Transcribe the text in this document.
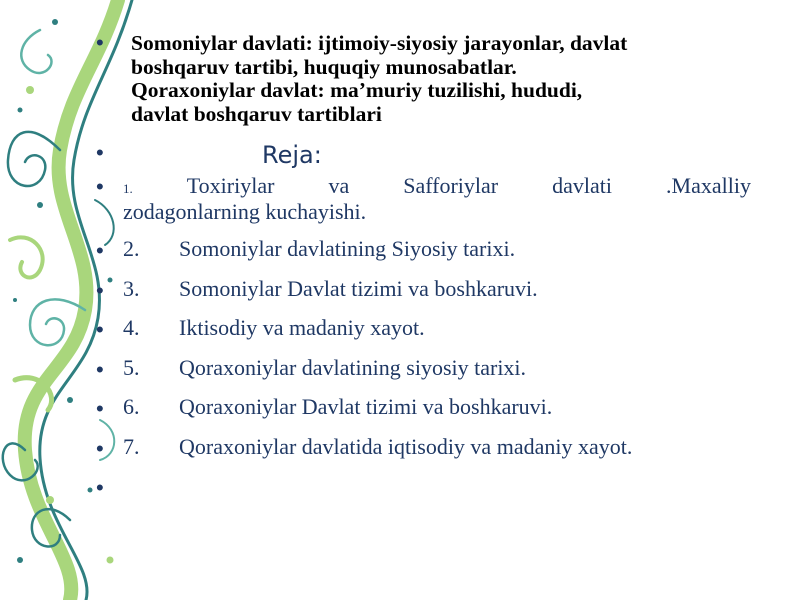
• Somoniylar davlati: ijtimoiy-siyosiy jarayonlar, davlat
boshqaruv tartibi, huquqiy munosabatlar.
Qoraxoniylar davlat: ma’muriy tuzilishi, hududi,
davlat boshqaruv tartiblari
•	Reja:
•	1. Toxiriylar va Safforiylar davlati .Maxalliy
zodagonlarning kuchayishi.
• 2. Somoniylar davlatining Siyosiy tarixi.
• 3. Somoniylar Davlat tizimi va boshkaruvi.
• 4. Iktisodiy va madaniy xayot.
• 5. Qoraxoniylar davlatining siyosiy tarixi.
• 6. Qoraxoniylar Davlat tizimi va boshkaruvi.
• 7. Qoraxoniylar davlatida iqtisodiy va madaniy xayot.
•
